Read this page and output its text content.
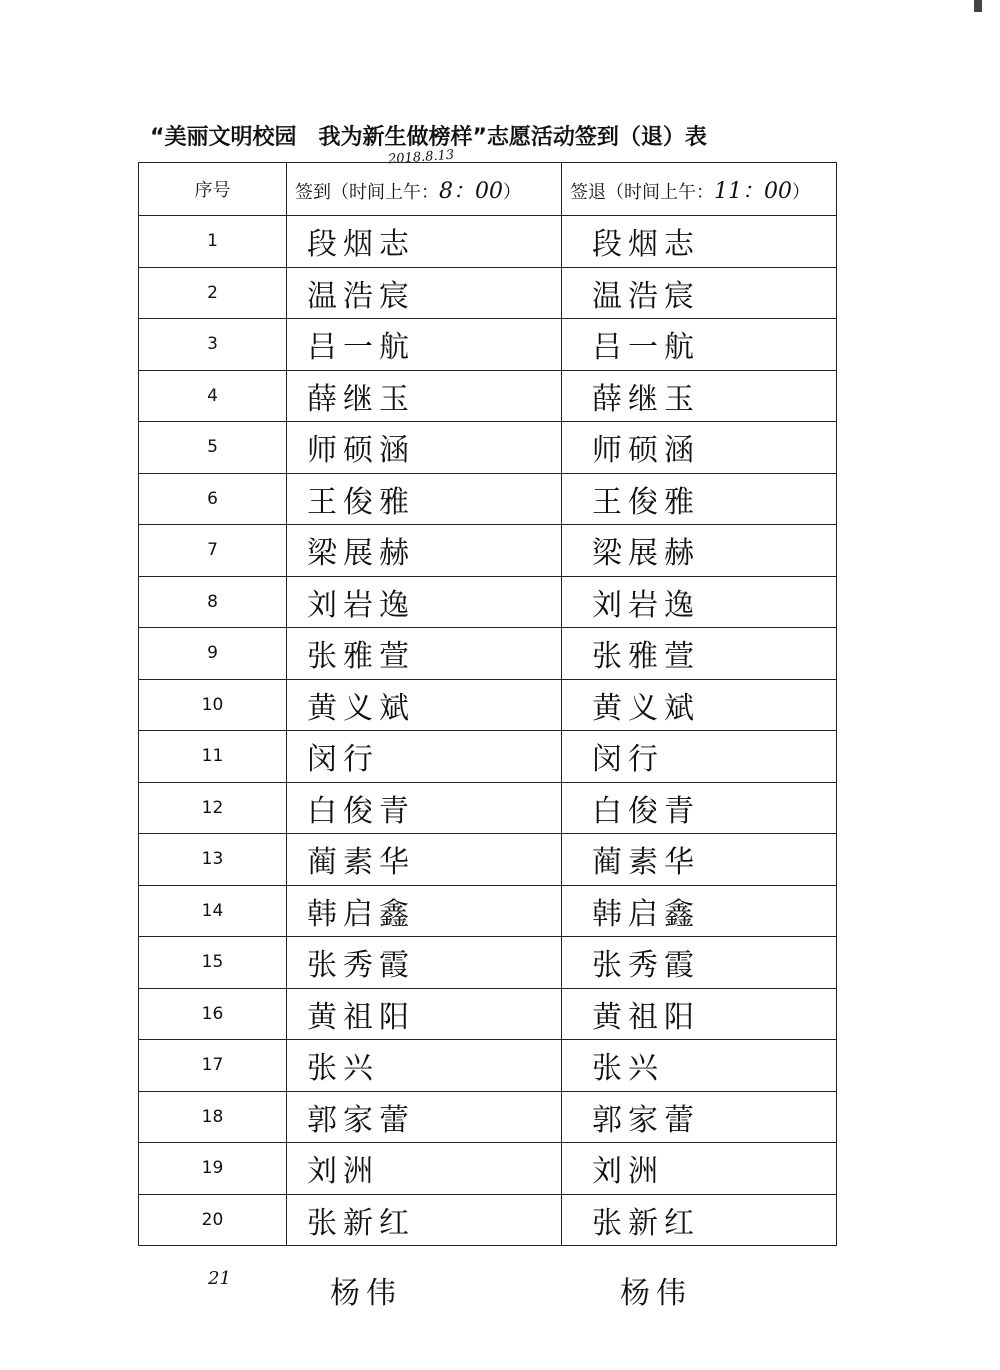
“美丽文明校园　我为新生做榜样”志愿活动签到（退）表
2018.8.13
序号	签到（时间上午：8：00）	签退（时间上午：11：00）
1	段烟志	段烟志
2	温浩宸	温浩宸
3	吕一航	吕一航
4	薛继玉	薛继玉
5	师硕涵	师硕涵
6	王俊雅	王俊雅
7	梁展赫	梁展赫
8	刘岩逸	刘岩逸
9	张雅萱	张雅萱
10	黄义斌	黄义斌
11	闵行	闵行
12	白俊青	白俊青
13	蔺素华	蔺素华
14	韩启鑫	韩启鑫
15	张秀霞	张秀霞
16	黄祖阳	黄祖阳
17	张兴	张兴
18	郭家蕾	郭家蕾
19	刘洲	刘洲
20	张新红	张新红
21	杨伟	杨伟
